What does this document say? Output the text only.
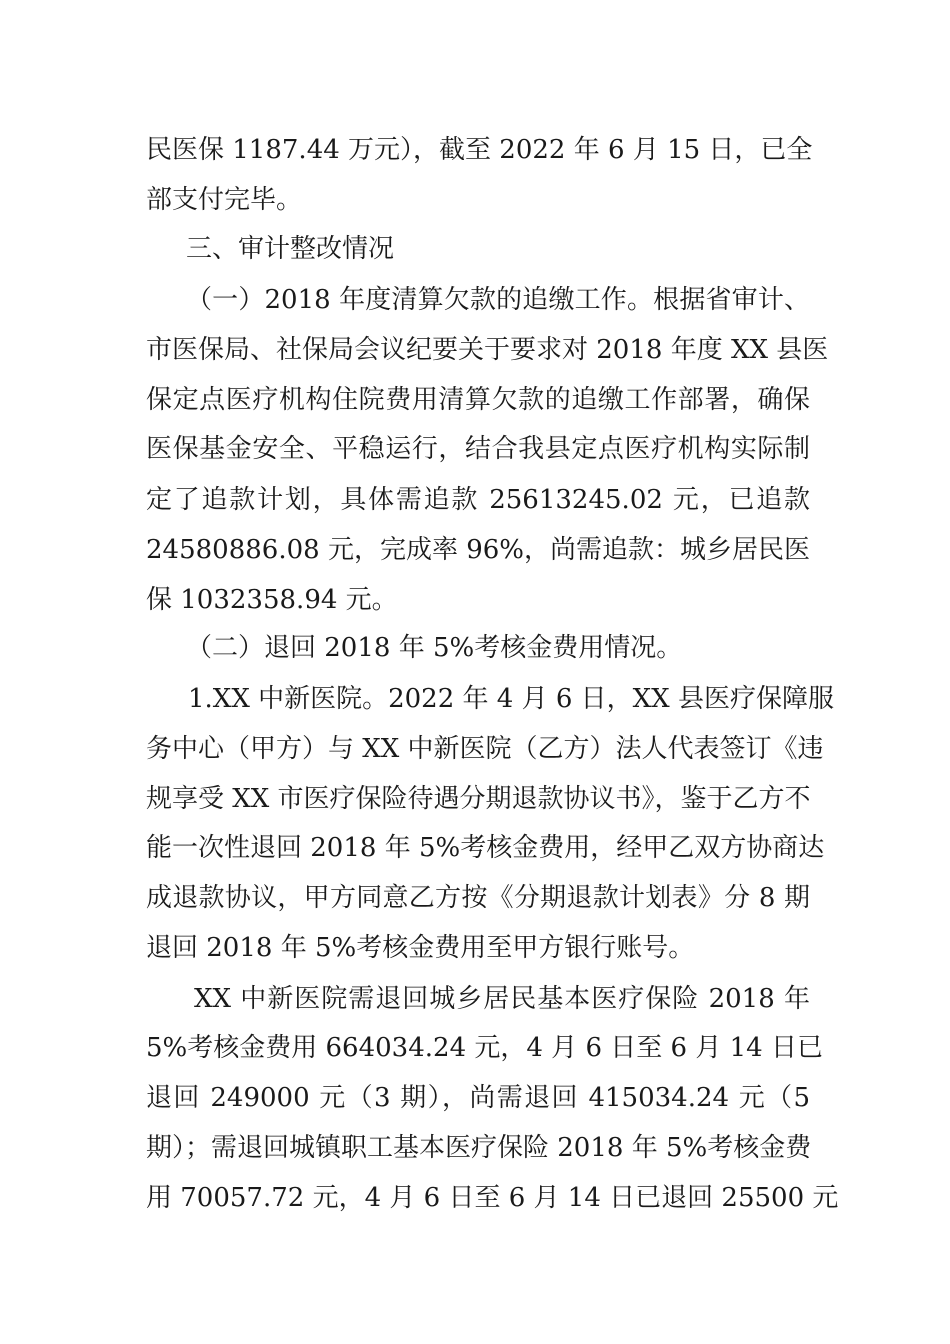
民医保 1187.44 万元），截至 2022 年 6 月 15 日，已全
部支付完毕。
三、审计整改情况
（一）2018 年度清算欠款的追缴工作。根据省审计、
市医保局、社保局会议纪要关于要求对 2018 年度 XX 县医
保定点医疗机构住院费用清算欠款的追缴工作部署，确保
医保基金安全、平稳运行，结合我县定点医疗机构实际制
定了追款计划，具体需追款 25613245.02 元，已追款
24580886.08 元，完成率 96%，尚需追款：城乡居民医
保 1032358.94 元。
（二）退回 2018 年 5%考核金费用情况。
1.XX 中新医院。2022 年 4 月 6 日，XX 县医疗保障服
务中心（甲方）与 XX 中新医院（乙方）法人代表签订《违
规享受 XX 市医疗保险待遇分期退款协议书》，鉴于乙方不
能一次性退回 2018 年 5%考核金费用，经甲乙双方协商达
成退款协议，甲方同意乙方按《分期退款计划表》分 8 期
退回 2018 年 5%考核金费用至甲方银行账号。
XX 中新医院需退回城乡居民基本医疗保险 2018 年
5%考核金费用 664034.24 元，4 月 6 日至 6 月 14 日已
退回 249000 元（3 期），尚需退回 415034.24 元（5
期）；需退回城镇职工基本医疗保险 2018 年 5%考核金费
用 70057.72 元，4 月 6 日至 6 月 14 日已退回 25500 元
